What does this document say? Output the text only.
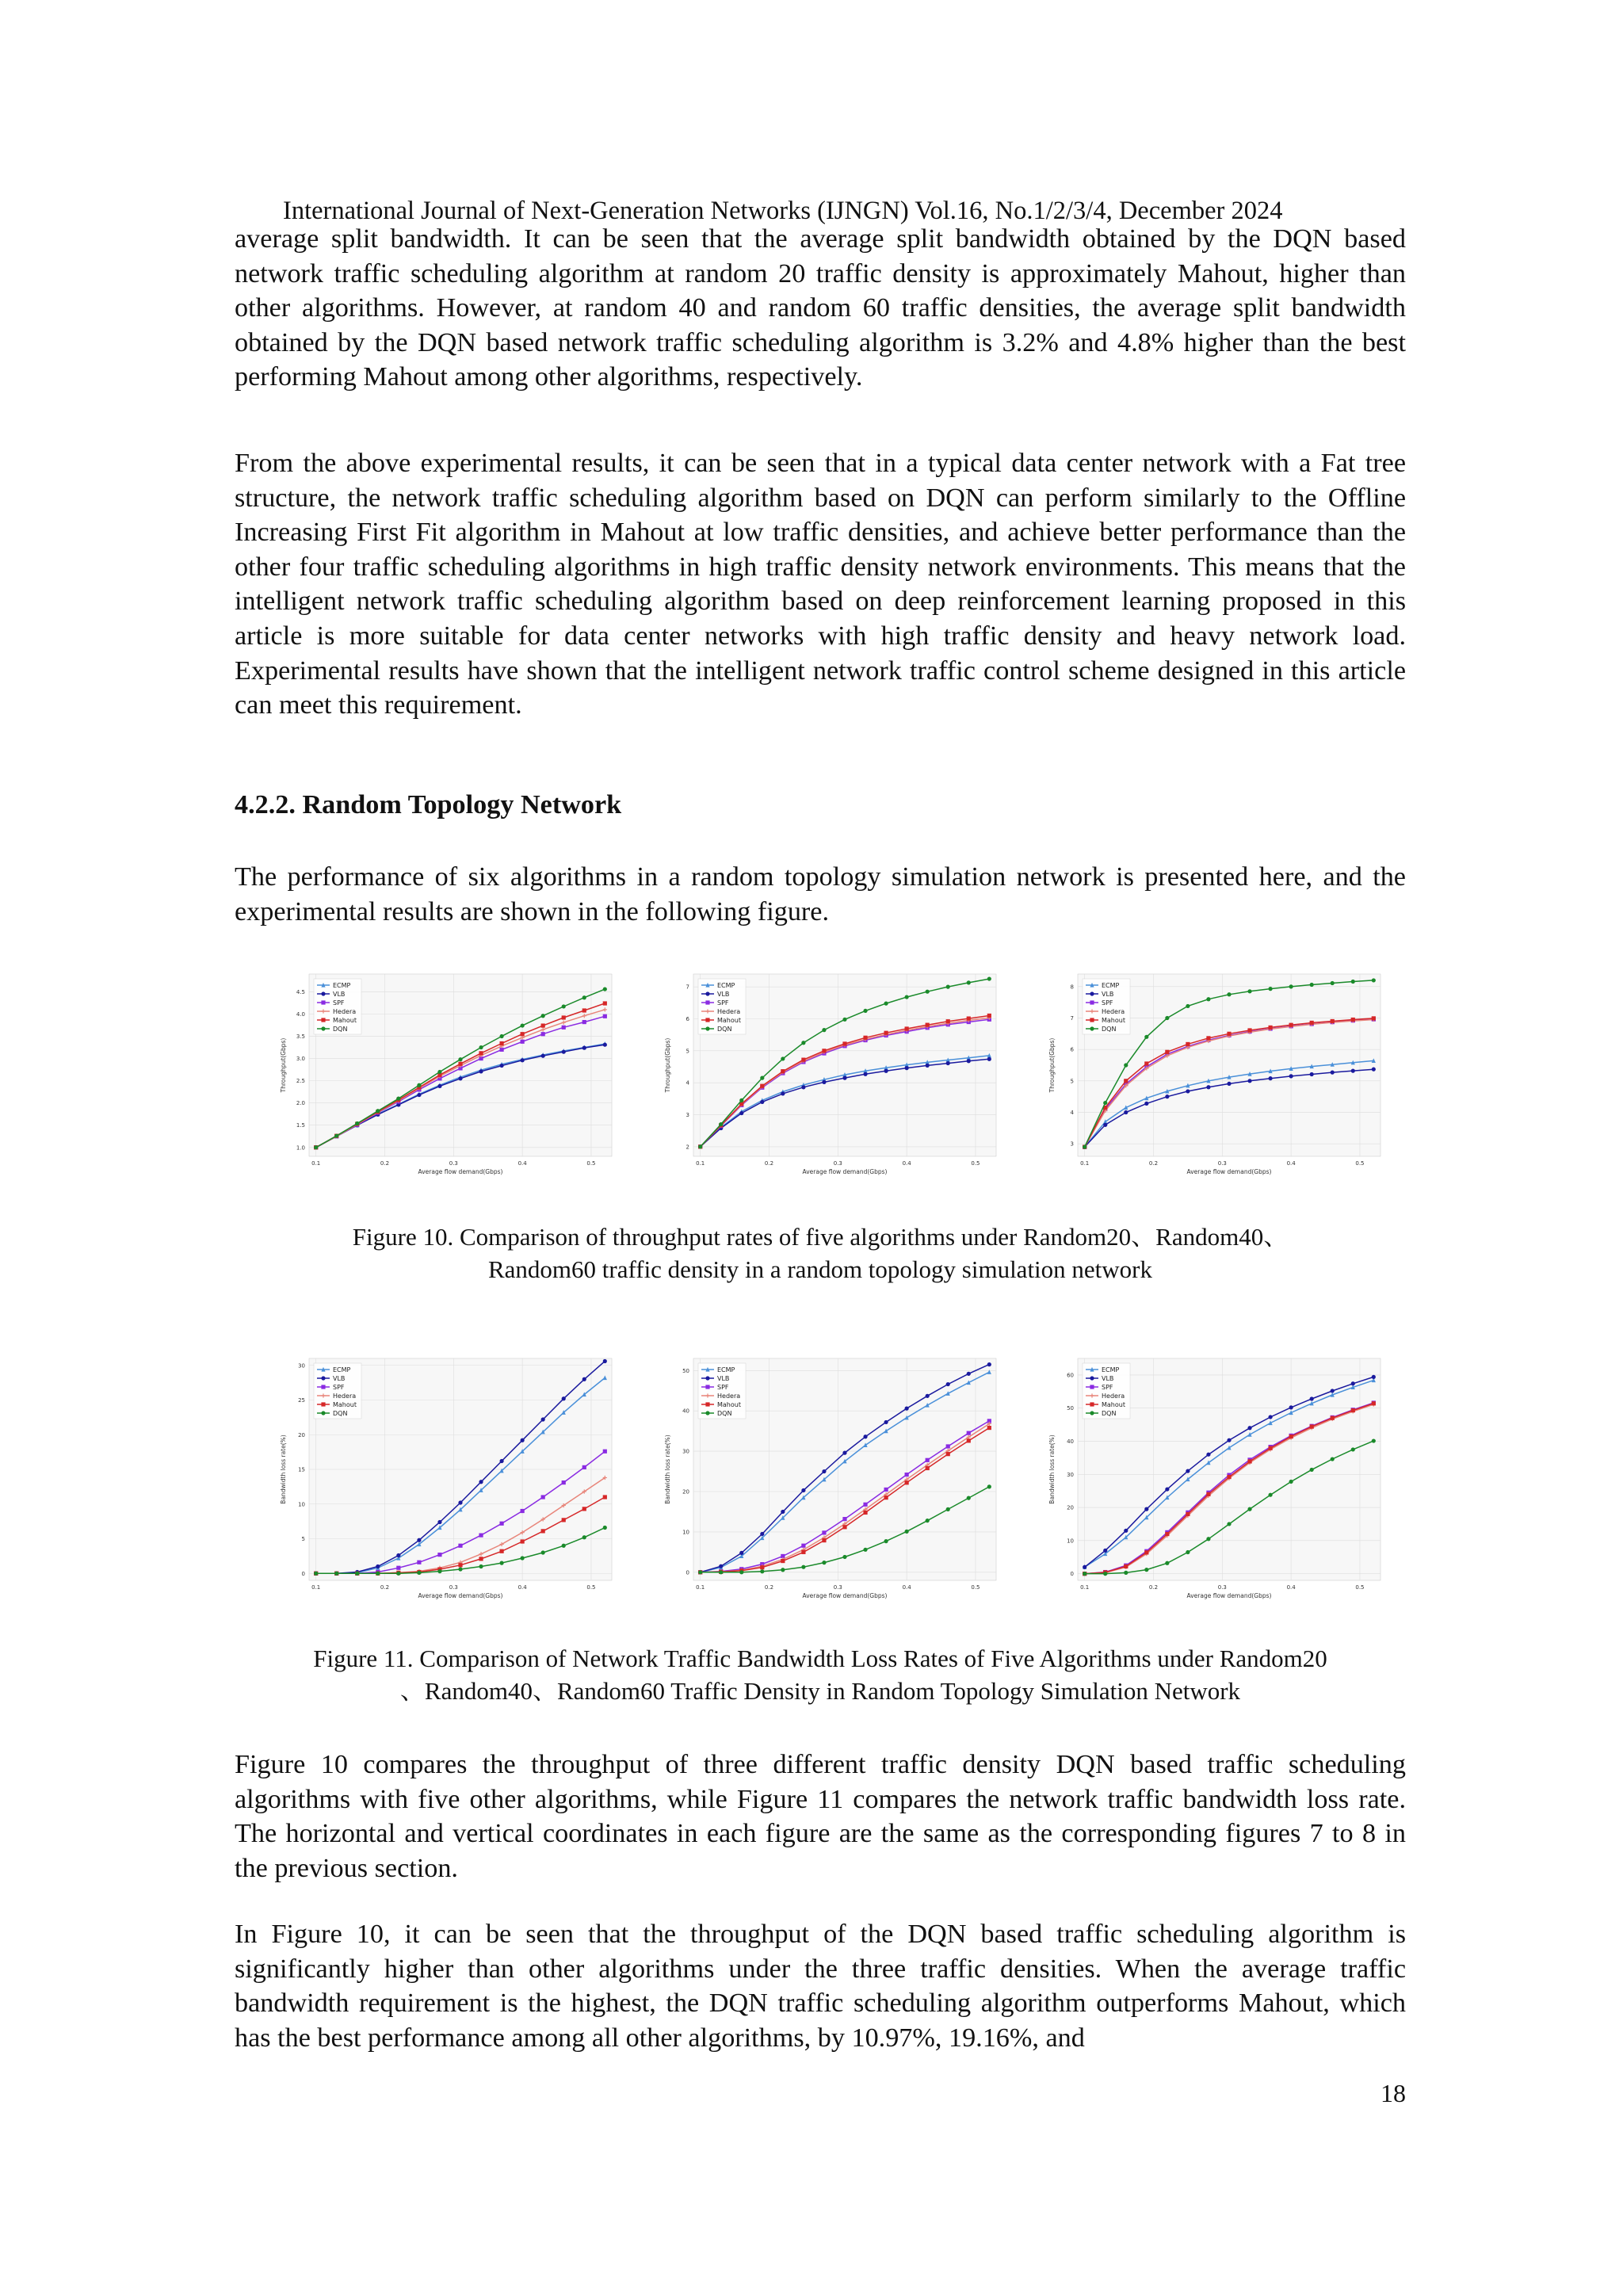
International Journal of Next-Generation Networks (IJNGN) Vol.16, No.1/2/3/4, December 2024

average split bandwidth. It can be seen that the average split bandwidth obtained by the DQN based network traffic scheduling algorithm at random 20 traffic density is approximately Mahout, higher than other algorithms. However, at random 40 and random 60 traffic densities, the average split bandwidth obtained by the DQN based network traffic scheduling algorithm is 3.2% and 4.8% higher than the best performing Mahout among other algorithms, respectively.

From the above experimental results, it can be seen that in a typical data center network with a Fat tree structure, the network traffic scheduling algorithm based on DQN can perform similarly to the Offline Increasing First Fit algorithm in Mahout at low traffic densities, and achieve better performance than the other four traffic scheduling algorithms in high traffic density network environments. This means that the intelligent network traffic scheduling algorithm based on deep reinforcement learning proposed in this article is more suitable for data center networks with high traffic density and heavy network load. Experimental results have shown that the intelligent network traffic control scheme designed in this article can meet this requirement.

4.2.2. Random Topology Network

The performance of six algorithms in a random topology simulation network is presented here, and the experimental results are shown in the following figure.

1.0
1.5
2.0
2.5
3.0
3.5
4.0
4.5
0.1	0.2	0.3	0.4	0.5
Average flow demand(Gbps)
Throughput(Gbps)
ECMP
VLB
SPF
Hedera
Mahout
DQN
2
3
4
5
6
7
0.1	0.2	0.3	0.4	0.5
Average flow demand(Gbps)
Throughput(Gbps)
ECMP
VLB
SPF
Hedera
Mahout
DQN
3
4
5
6
7
8
0.1	0.2	0.3	0.4	0.5
Average flow demand(Gbps)
Throughput(Gbps)
ECMP
VLB
SPF
Hedera
Mahout
DQN
Figure 10. Comparison of throughput rates of five algorithms under Random20、Random40、
Random60 traffic density in a random topology simulation network
0
5
10
15
20
25
30
0.1	0.2	0.3	0.4	0.5
Average flow demand(Gbps)
Bandwidth loss rate(%)
ECMP
VLB
SPF
Hedera
Mahout
DQN
0
10
20
30
40
50
0.1	0.2	0.3	0.4	0.5
Average flow demand(Gbps)
Bandwidth loss rate(%)
ECMP
VLB
SPF
Hedera
Mahout
DQN
0
10
20
30
40
50
60
0.1	0.2	0.3	0.4	0.5
Average flow demand(Gbps)
Bandwidth loss rate(%)
ECMP
VLB
SPF
Hedera
Mahout
DQN
Figure 11. Comparison of Network Traffic Bandwidth Loss Rates of Five Algorithms under Random20
、Random40、Random60 Traffic Density in Random Topology Simulation Network

Figure 10 compares the throughput of three different traffic density DQN based traffic scheduling algorithms with five other algorithms, while Figure 11 compares the network traffic bandwidth loss rate. The horizontal and vertical coordinates in each figure are the same as the corresponding figures 7 to 8 in the previous section.

In Figure 10, it can be seen that the throughput of the DQN based traffic scheduling algorithm is significantly higher than other algorithms under the three traffic densities. When the average traffic bandwidth requirement is the highest, the DQN traffic scheduling algorithm outperforms Mahout, which has the best performance among all other algorithms, by 10.97%, 19.16%, and

18
